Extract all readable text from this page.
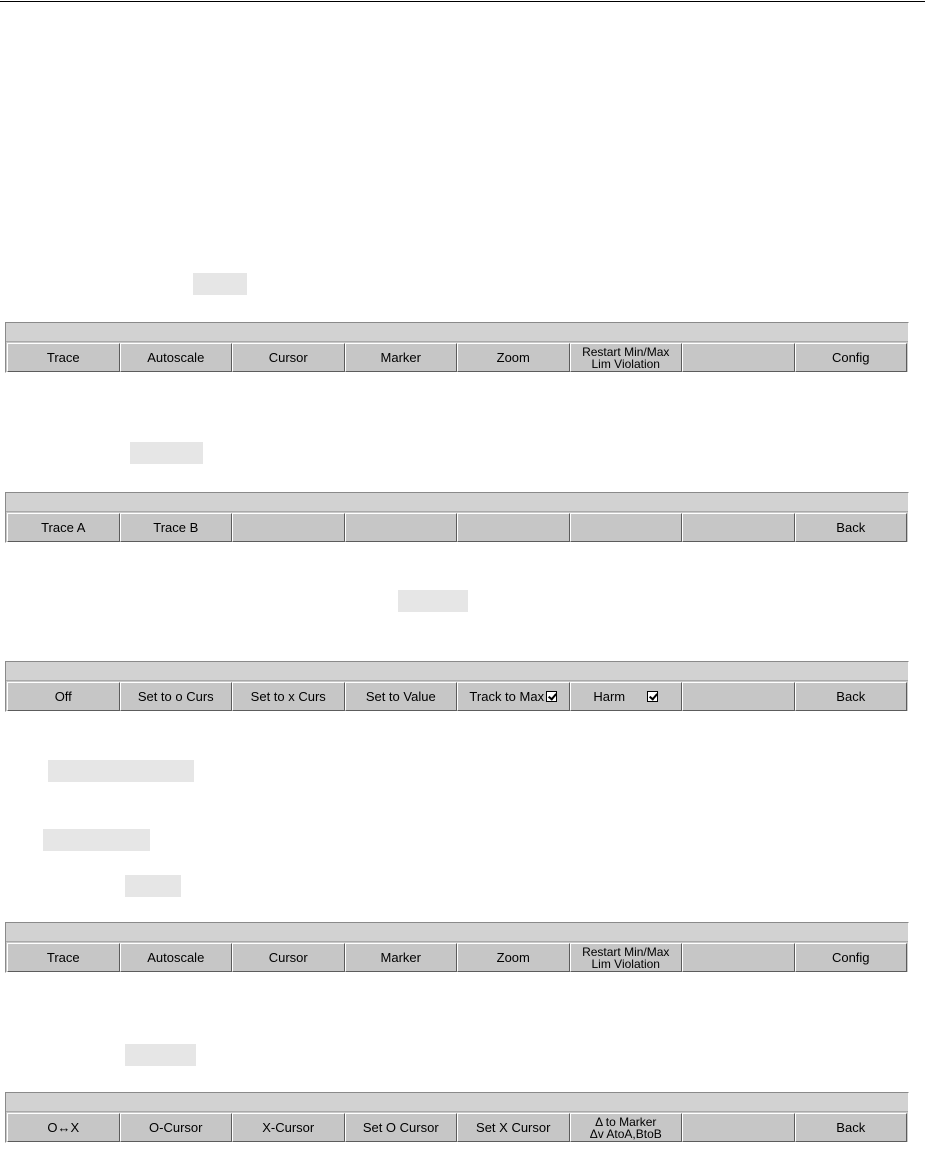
Trace	Autoscale	Cursor	Marker	Zoom	Restart Min/Max
Lim Violation	Config
Trace A	Trace B	Back
Off	Set to o Curs	Set to x Curs	Set to Value	Track to Max	Harm	Back
Trace	Autoscale	Cursor	Marker	Zoom	Restart Min/Max
Lim Violation	Config
O↔X	O-Cursor	X-Cursor	Set O Cursor	Set X Cursor	Δ to Marker
Δv AtoA,BtoB	Back
